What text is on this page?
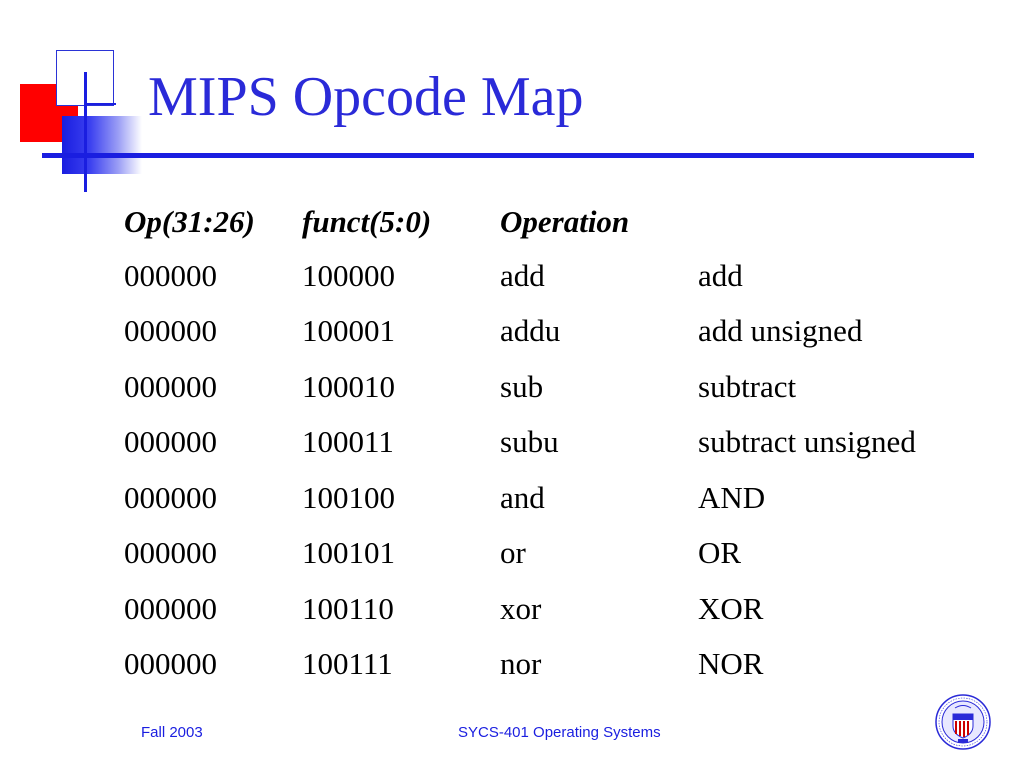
MIPS Opcode Map
Op(31:26)	funct(5:0)	Operation	
000000	100000	add	add
000000	100001	addu	add unsigned
000000	100010	sub	subtract
000000	100011	subu	subtract unsigned
000000	100100	and	AND
000000	100101	or	OR
000000	100110	xor	XOR
000000	100111	nor	NOR
Fall 2003	SYCS-401 Operating Systems
